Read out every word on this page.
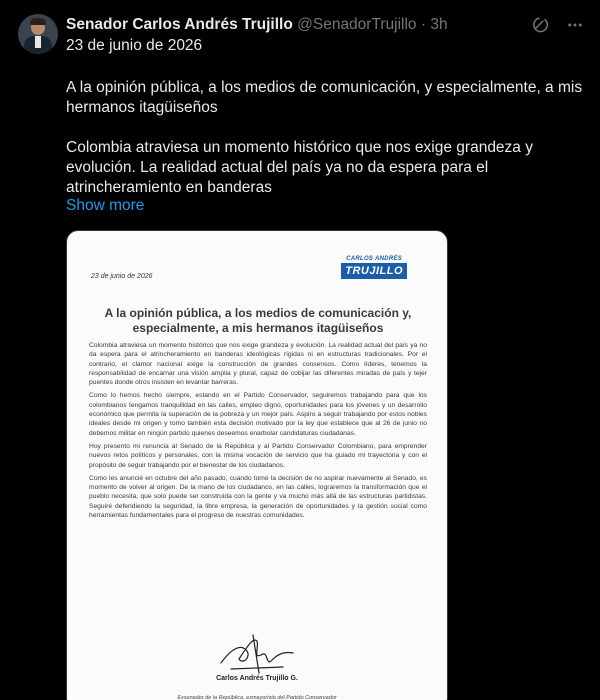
Senador Carlos Andrés Trujillo @SenadorTrujillo · 3h
23 de junio de 2026

A la opinión pública, a los medios de comunicación, y especialmente, a mis hermanos itagüiseños

Colombia atraviesa un momento histórico que nos exige grandeza y evolución. La realidad actual del país ya no da espera para el atrincheramiento en banderas

Show more
23 de junio de 2026
CARLOS ANDRÉS
TRUJILLO
A la opinión pública, a los medios de comunicación y, especialmente, a mis hermanos itagüiseños

Colombia atraviesa un momento histórico que nos exige grandeza y evolución. La realidad actual del país ya no da espera para el atrincheramiento en banderas ideológicas rígidas ni en estructuras tradicionales. Por el contrario, el clamor nacional exige la construcción de grandes consensos. Como líderes, tenemos la responsabilidad de encarnar una visión amplia y plural, capaz de cobijar las diferentes miradas de país y tejer puentes donde otros insisten en levantar barreras.

Como lo hemos hecho siempre, estando en el Partido Conservador, seguiremos trabajando para que los colombianos tengamos tranquilidad en las calles, empleo digno, oportunidades para los jóvenes y un desarrollo económico que permita la superación de la pobreza y un mejor país. Aspiro a seguir trabajando por estos nobles ideales desde mi origen y tomo también esta decisión motivado por la ley que establece que al 26 de junio no debemos militar en ningún partido quienes deseemos enarbolar candidaturas ciudadanas.

Hoy presento mi renuncia al Senado de la República y al Partido Conservador Colombiano, para emprender nuevos retos políticos y personales, con la misma vocación de servicio que ha guiado mi trayectoria y con el propósito de seguir trabajando por el bienestar de los ciudadanos.

Como les anuncié en octubre del año pasado, cuando tomé la decisión de no aspirar nuevamente al Senado, es momento de volver al origen. De la mano de los ciudadanos, en las calles, lograremos la transformación que el pueblo necesita, que solo puede ser construida con la gente y va mucho más allá de las estructuras partidistas. Seguiré defendiendo la seguridad, la libre empresa, la generación de oportunidades y la gestión social como herramientas fundamentales para el progreso de nuestras comunidades.

Carlos Andrés Trujillo G.
Exsenador de la República, exmayorista del Partido Conservador
